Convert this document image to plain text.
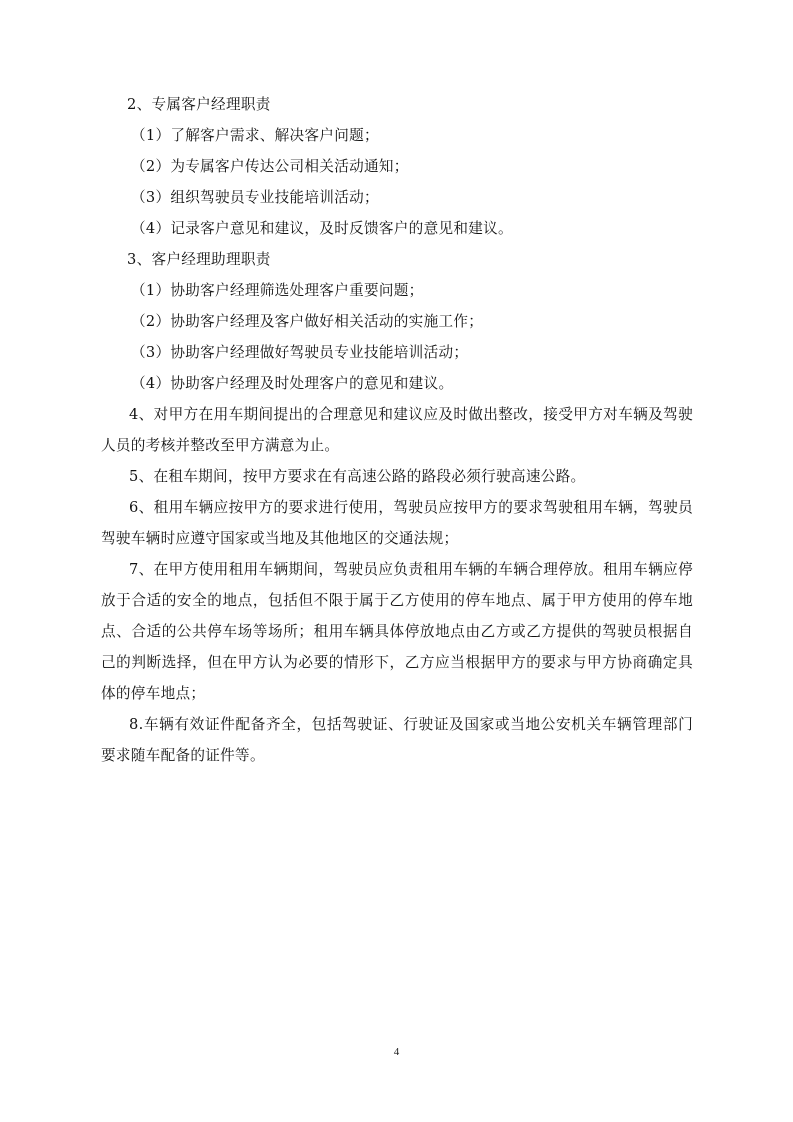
2、专属客户经理职责

（1）了解客户需求、解决客户问题；

（2）为专属客户传达公司相关活动通知；

（3）组织驾驶员专业技能培训活动；

（4）记录客户意见和建议，及时反馈客户的意见和建议。

3、客户经理助理职责

（1）协助客户经理筛选处理客户重要问题；

（2）协助客户经理及客户做好相关活动的实施工作；

（3）协助客户经理做好驾驶员专业技能培训活动；

（4）协助客户经理及时处理客户的意见和建议。

4、对甲方在用车期间提出的合理意见和建议应及时做出整改，接受甲方对车辆及驾驶人员的考核并整改至甲方满意为止。

5、在租车期间，按甲方要求在有高速公路的路段必须行驶高速公路。

6、租用车辆应按甲方的要求进行使用，驾驶员应按甲方的要求驾驶租用车辆，驾驶员驾驶车辆时应遵守国家或当地及其他地区的交通法规；

7、在甲方使用租用车辆期间，驾驶员应负责租用车辆的车辆合理停放。租用车辆应停放于合适的安全的地点，包括但不限于属于乙方使用的停车地点、属于甲方使用的停车地点、合适的公共停车场等场所；租用车辆具体停放地点由乙方或乙方提供的驾驶员根据自己的判断选择，但在甲方认为必要的情形下，乙方应当根据甲方的要求与甲方协商确定具体的停车地点；

8.车辆有效证件配备齐全，包括驾驶证、行驶证及国家或当地公安机关车辆管理部门要求随车配备的证件等。

4
